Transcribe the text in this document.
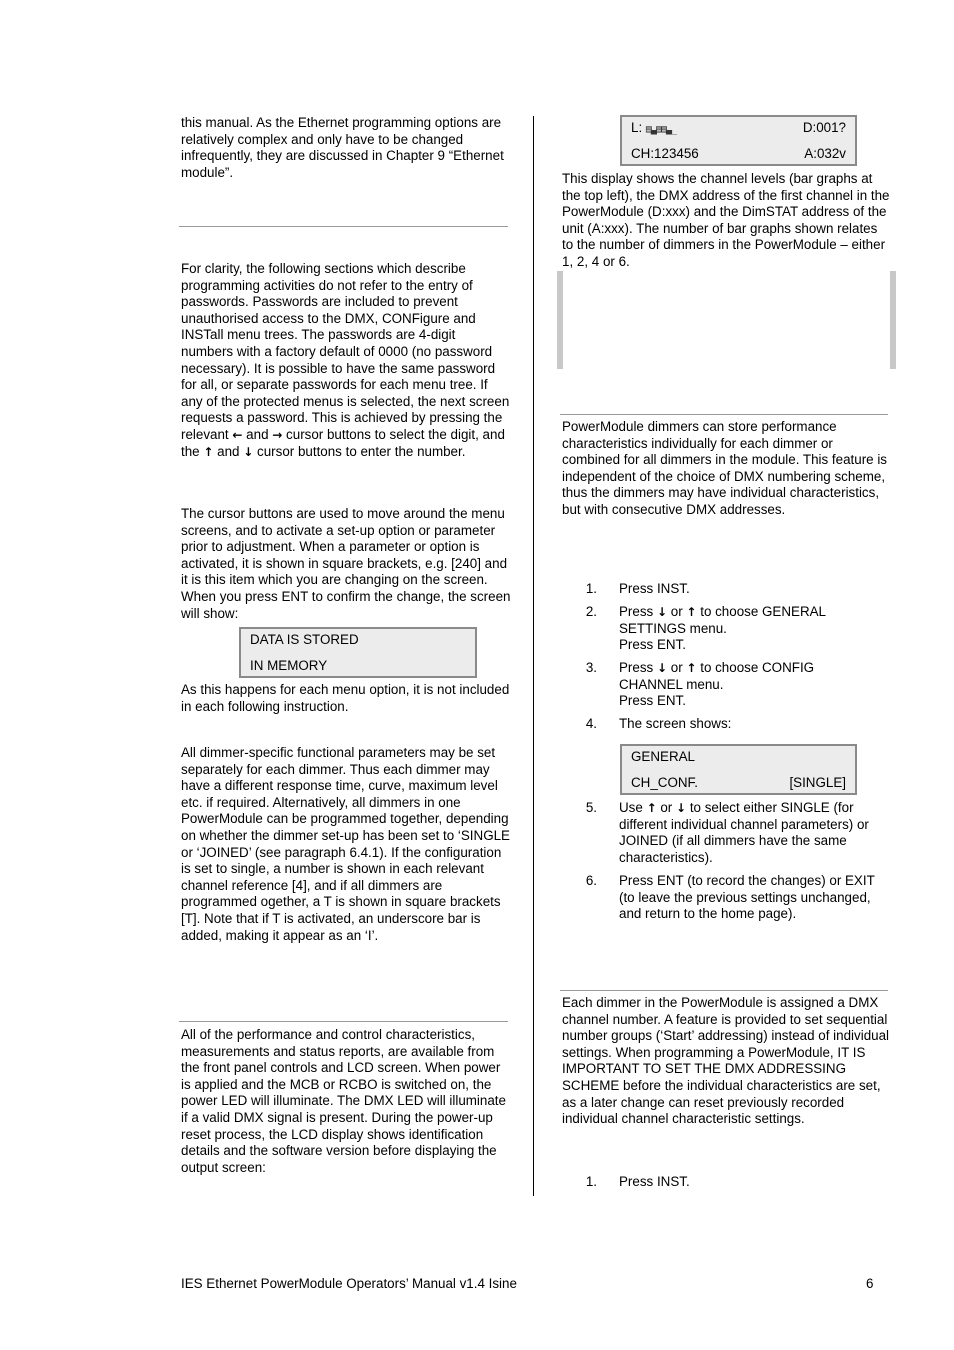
this manual. As the Ethernet programming options are relatively complex and only have to be changed infrequently, they are discussed in Chapter 9 “Ethernet module”.

For clarity, the following sections which describe programming activities do not refer to the entry of passwords. Passwords are included to prevent unauthorised access to the DMX, CONFigure and INSTall menu trees. The passwords are 4-digit numbers with a factory default of 0000 (no password necessary). It is possible to have the same password for all, or separate passwords for each menu tree. If any of the protected menus is selected, the next screen requests a password. This is achieved by pressing the relevant ← and → cursor buttons to select the digit, and the ↑ and ↓ cursor buttons to enter the number.

The cursor buttons are used to move around the menu screens, and to activate a set-up option or parameter prior to adjustment. When a parameter or option is activated, it is shown in square brackets, e.g. [240] and it is this item which you are changing on the screen. When you press ENT to confirm the change, the screen will show:

As this happens for each menu option, it is not included in each following instruction.

All dimmer-specific functional parameters may be set separately for each dimmer. Thus each dimmer may have a different response time, curve, maximum level etc. if required. Alternatively, all dimmers in one PowerModule can be programmed together, depending on whether the dimmer set-up has been set to ‘SINGLE or ‘JOINED’ (see paragraph 6.4.1). If the configuration is set to single, a number is shown in each relevant channel reference [4], and if all dimmers are programmed ogether, a T is shown in square brackets [T]. Note that if T is activated, an underscore bar is added, making it appear as an ‘I’.

All of the performance and control characteristics, measurements and status reports, are available from the front panel controls and LCD screen. When power is applied and the MCB or RCBO is switched on, the power LED will illuminate. The DMX LED will illuminate if a valid DMX signal is present. During the power-up reset process, the LCD display shows identification details and the software version before displaying the output screen:

DATA IS STORED
IN MEMORY
L: ▤▃▤▤▃_	D:001?
CH:123456	A:032v

This display shows the channel levels (bar graphs at the top left), the DMX address of the first channel in the PowerModule (D:xxx) and the DimSTAT address of the unit (A:xxx). The number of bar graphs shown relates to the number of dimmers in the PowerModule – either 1, 2, 4 or 6.

PowerModule dimmers can store performance characteristics individually for each dimmer or combined for all dimmers in the module. This feature is independent of the choice of DMX numbering scheme, thus the dimmers may have individual characteristics, but with consecutive DMX addresses.

1. Press INST.
2. Press ↓ or ↑ to choose GENERAL SETTINGS menu.
Press ENT.
3. Press ↓ or ↑ to choose CONFIG CHANNEL menu.
Press ENT.
4. The screen shows:
GENERAL
CH_CONF.	[SINGLE]
5. Use ↑ or ↓ to select either SINGLE (for different individual channel parameters) or JOINED (if all dimmers have the same characteristics).
6. Press ENT (to record the changes) or EXIT (to leave the previous settings unchanged, and return to the home page).

Each dimmer in the PowerModule is assigned a DMX channel number. A feature is provided to set sequential number groups (‘Start’ addressing) instead of individual settings. When programming a PowerModule, IT IS IMPORTANT TO SET THE DMX ADDRESSING SCHEME before the individual characteristics are set, as a later change can reset previously recorded individual channel characteristic settings.

1. Press INST.
IES Ethernet PowerModule Operators’ Manual v1.4 Isine	6
